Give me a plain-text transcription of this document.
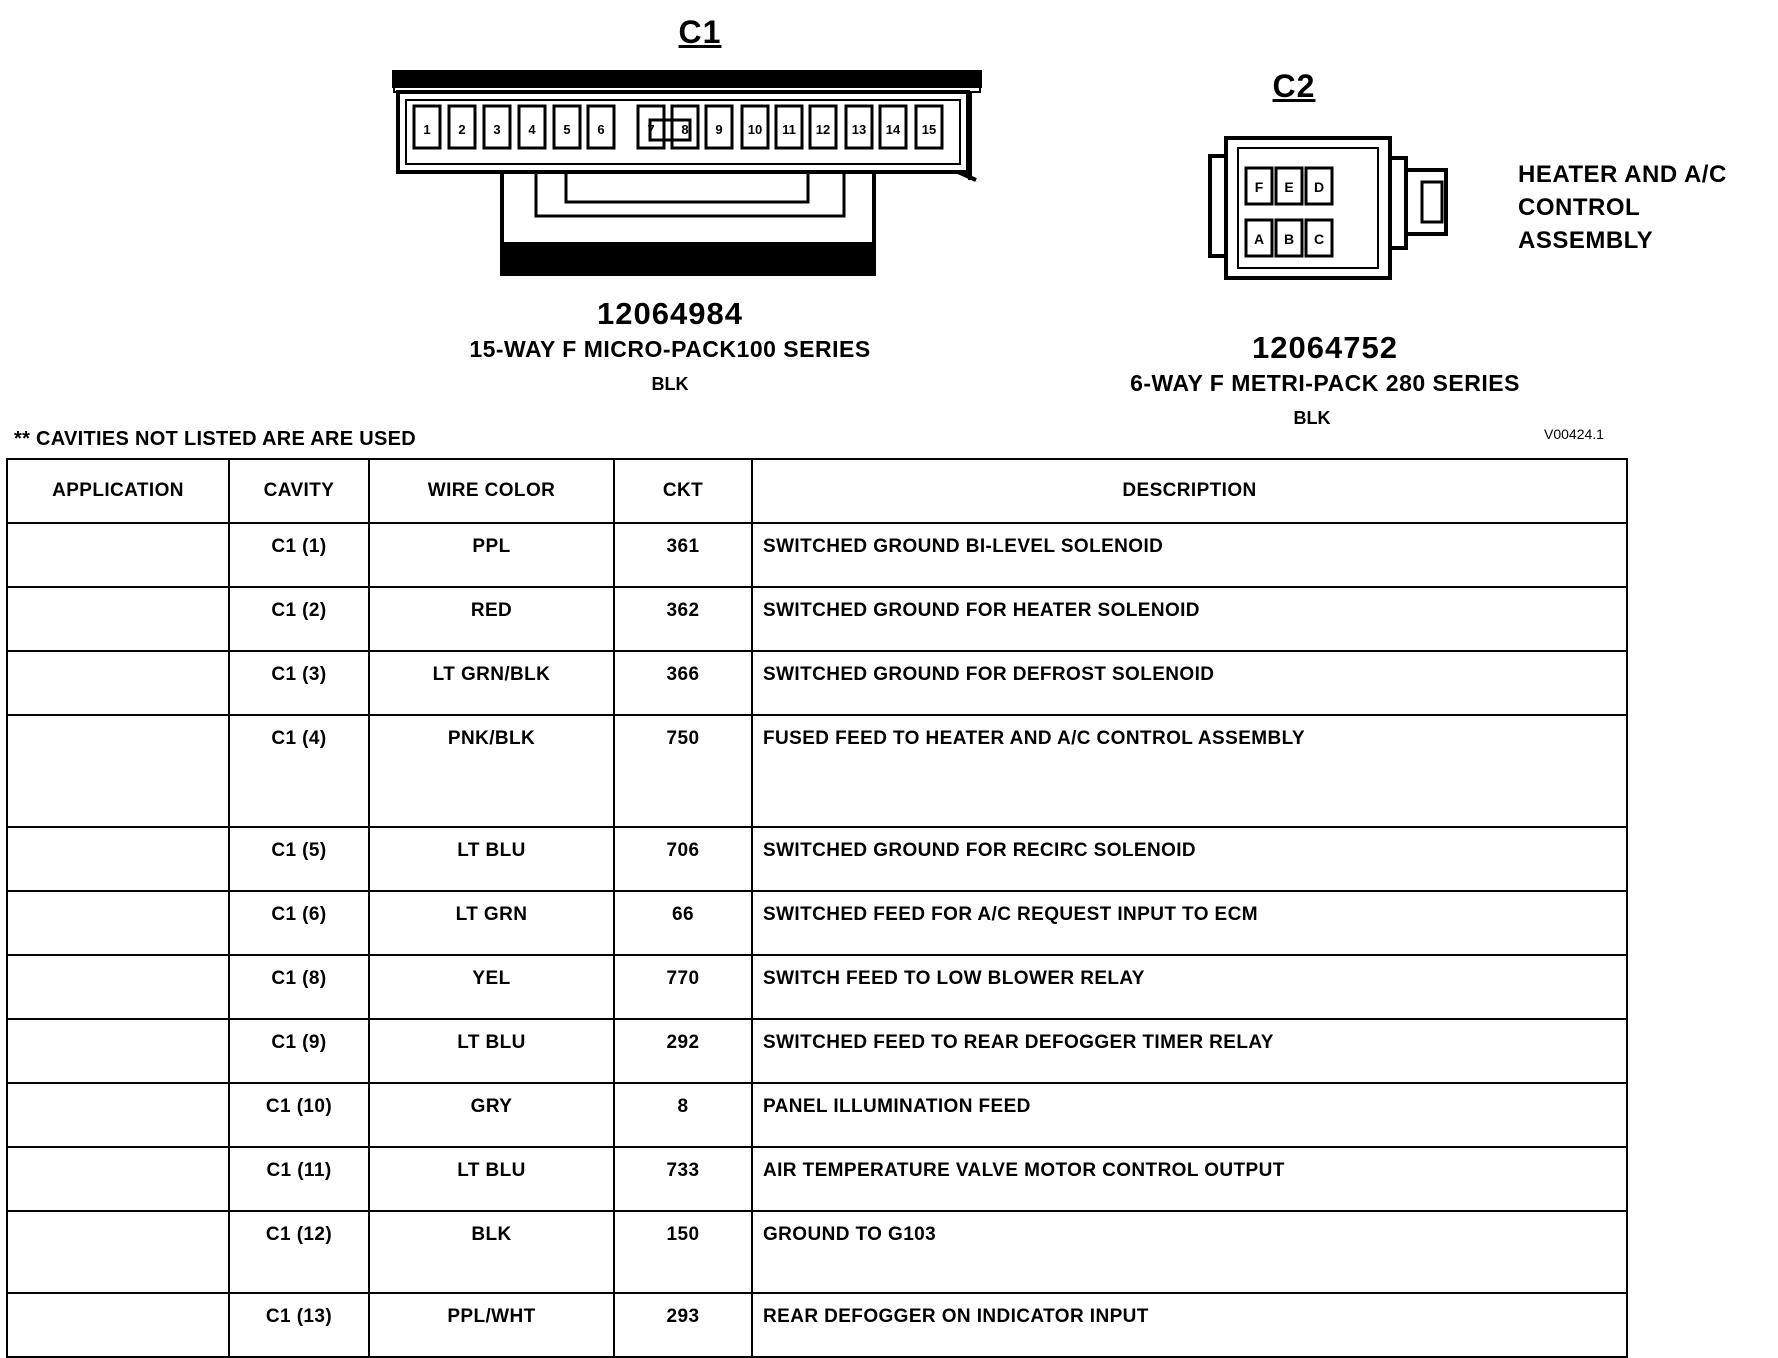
C1
1 2 3 4 5 6	7 8 9 10 11 12 13 14 15
12064984
15-WAY F MICRO-PACK100 SERIES
BLK
C2
F E D
A B C
HEATER AND A/C
CONTROL ASSEMBLY
12064752
6-WAY F METRI-PACK 280 SERIES
BLK
** CAVITIES NOT LISTED ARE ARE USED	V00424.1
APPLICATION	CAVITY	WIRE COLOR	CKT	DESCRIPTION
	C1 (1)	PPL	361	SWITCHED GROUND BI-LEVEL SOLENOID
	C1 (2)	RED	362	SWITCHED GROUND FOR HEATER SOLENOID
	C1 (3)	LT GRN/BLK	366	SWITCHED GROUND FOR DEFROST SOLENOID
	C1 (4)	PNK/BLK	750	FUSED FEED TO HEATER AND A/C CONTROL ASSEMBLY
	C1 (5)	LT BLU	706	SWITCHED GROUND FOR RECIRC SOLENOID
	C1 (6)	LT GRN	66	SWITCHED FEED FOR A/C REQUEST INPUT TO ECM
	C1 (8)	YEL	770	SWITCH FEED TO LOW BLOWER RELAY
	C1 (9)	LT BLU	292	SWITCHED FEED TO REAR DEFOGGER TIMER RELAY
	C1 (10)	GRY	8	PANEL ILLUMINATION FEED
	C1 (11)	LT BLU	733	AIR TEMPERATURE VALVE MOTOR CONTROL OUTPUT
	C1 (12)	BLK	150	GROUND TO G103
	C1 (13)	PPL/WHT	293	REAR DEFOGGER ON INDICATOR INPUT
